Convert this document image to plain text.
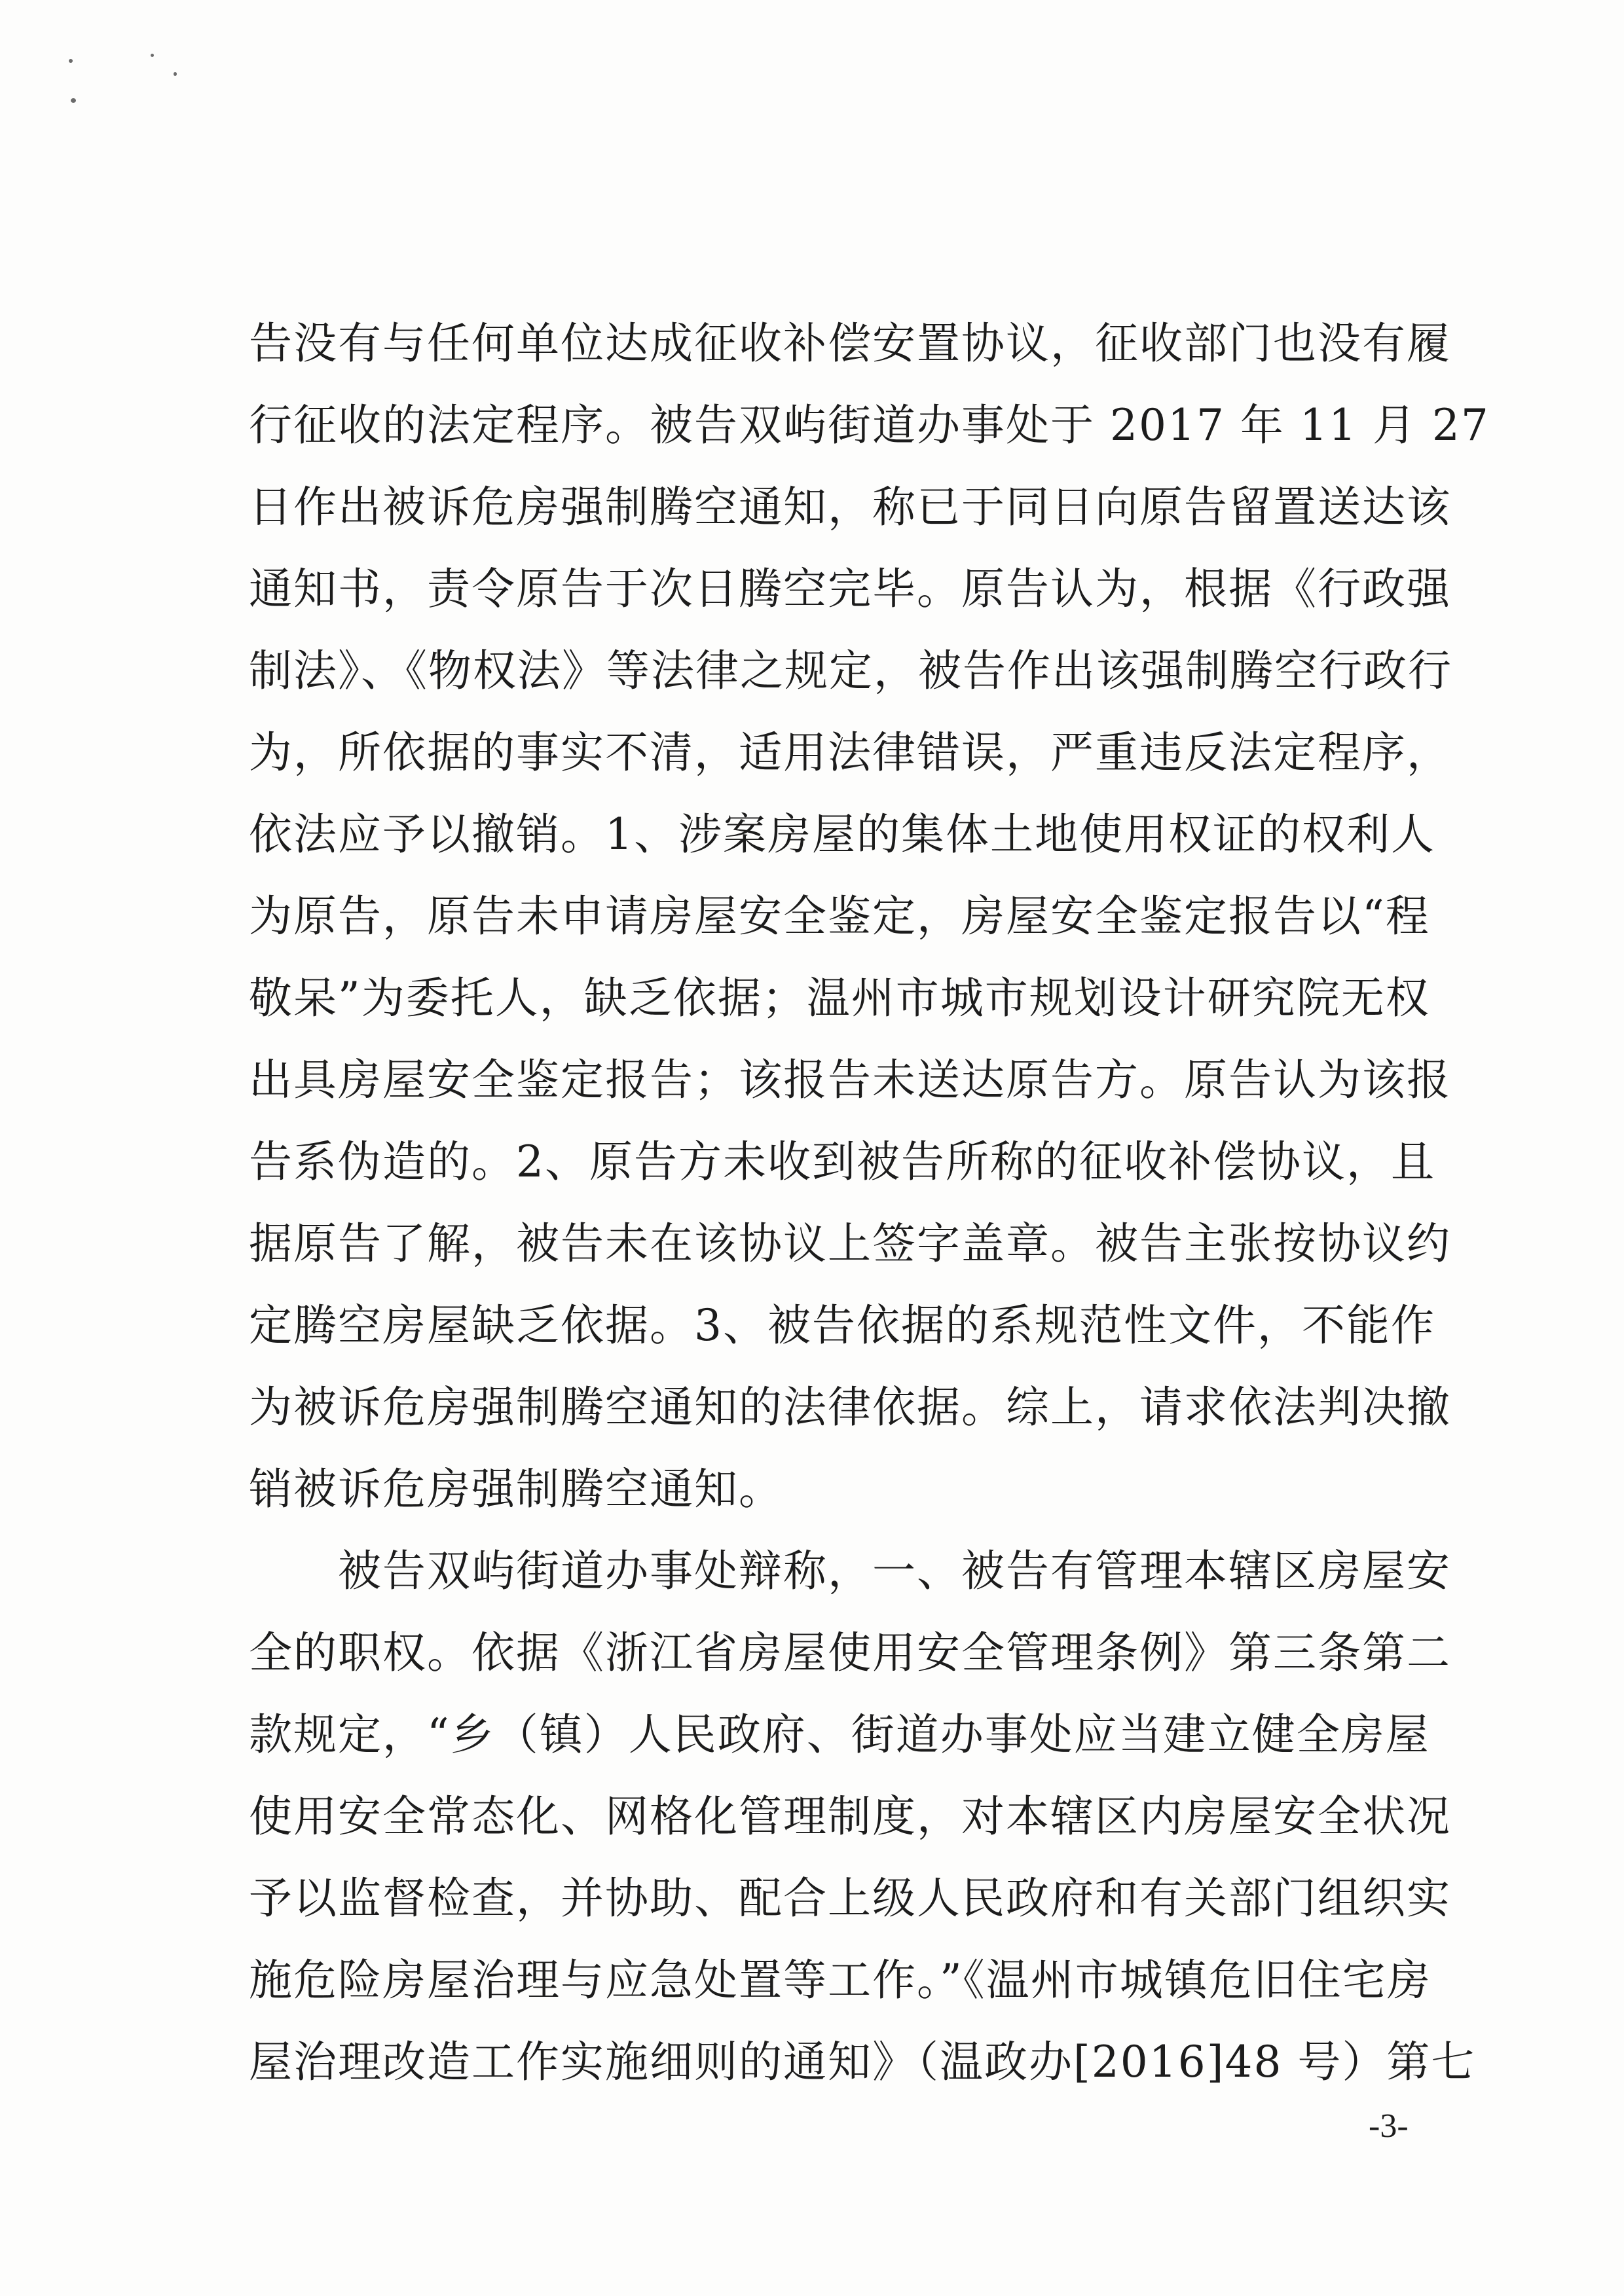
告没有与任何单位达成征收补偿安置协议，征收部门也没有履
行征收的法定程序。被告双屿街道办事处于 2017 年 11 月 27
日作出被诉危房强制腾空通知，称已于同日向原告留置送达该
通知书，责令原告于次日腾空完毕。原告认为，根据《行政强
制法》、《物权法》等法律之规定，被告作出该强制腾空行政行
为，所依据的事实不清，适用法律错误，严重违反法定程序，
依法应予以撤销。1、涉案房屋的集体土地使用权证的权利人
为原告，原告未申请房屋安全鉴定，房屋安全鉴定报告以“程
敬呆”为委托人，缺乏依据；温州市城市规划设计研究院无权
出具房屋安全鉴定报告；该报告未送达原告方。原告认为该报
告系伪造的。2、原告方未收到被告所称的征收补偿协议，且
据原告了解，被告未在该协议上签字盖章。被告主张按协议约
定腾空房屋缺乏依据。3、被告依据的系规范性文件，不能作
为被诉危房强制腾空通知的法律依据。综上，请求依法判决撤
销被诉危房强制腾空通知。
　　被告双屿街道办事处辩称，一、被告有管理本辖区房屋安
全的职权。依据《浙江省房屋使用安全管理条例》第三条第二
款规定，“乡（镇）人民政府、街道办事处应当建立健全房屋
使用安全常态化、网格化管理制度，对本辖区内房屋安全状况
予以监督检查，并协助、配合上级人民政府和有关部门组织实
施危险房屋治理与应急处置等工作。”《温州市城镇危旧住宅房
屋治理改造工作实施细则的通知》（温政办[2016]48 号）第七
-3-
